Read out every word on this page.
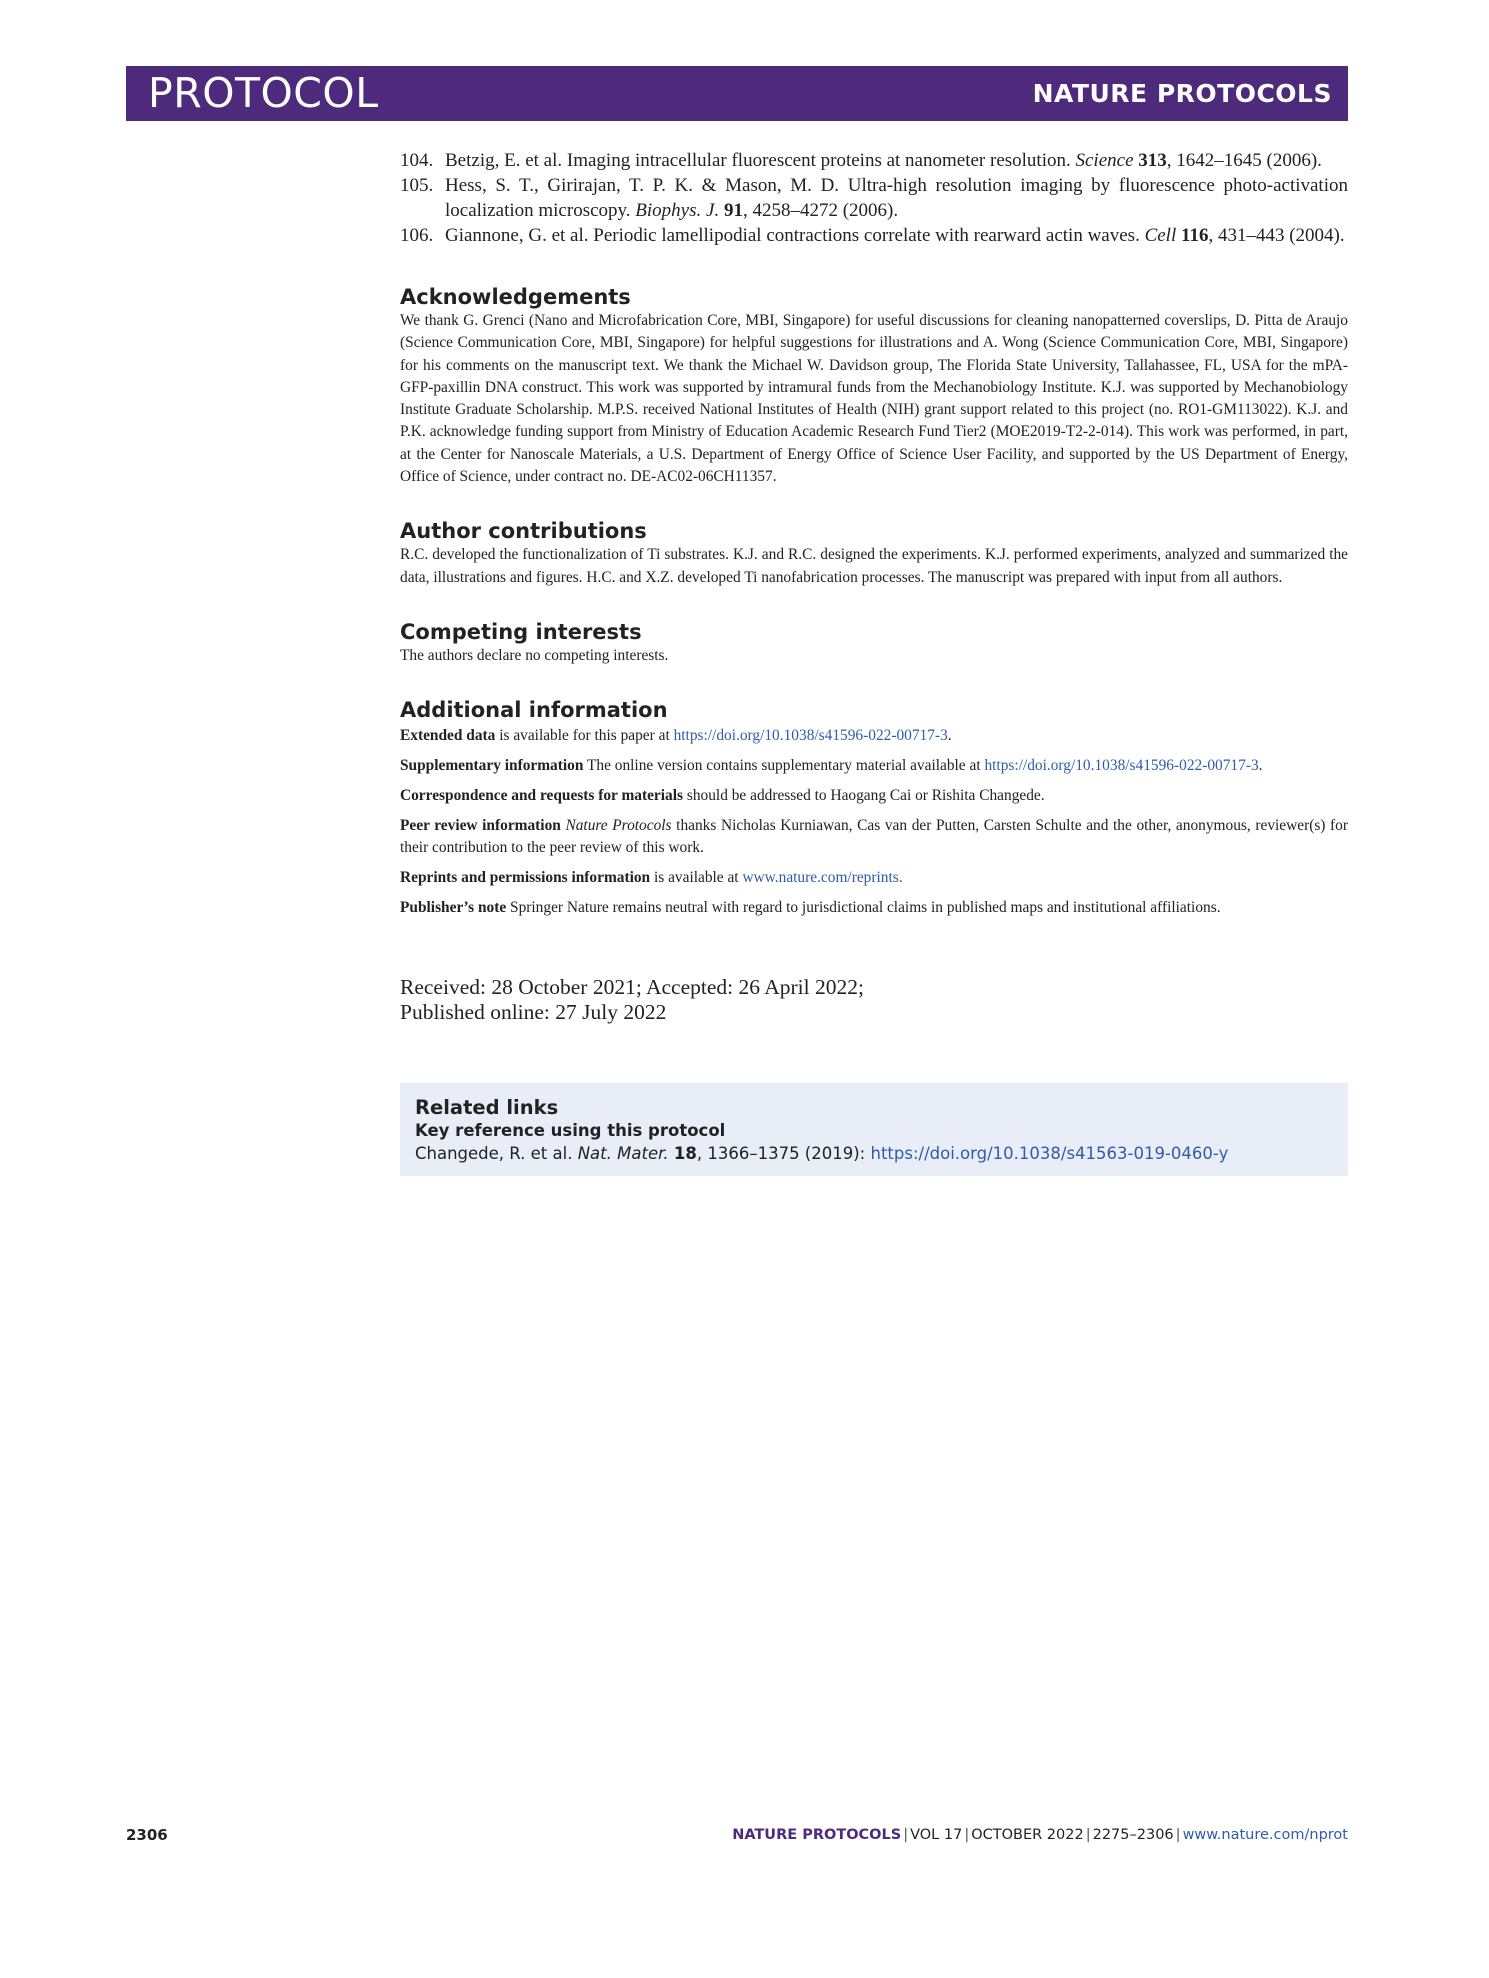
PROTOCOL	NATURE PROTOCOLS
104. Betzig, E. et al. Imaging intracellular fluorescent proteins at nanometer resolution. Science 313, 1642–1645 (2006).
105. Hess, S. T., Girirajan, T. P. K. & Mason, M. D. Ultra-high resolution imaging by fluorescence photo-activation localization microscopy. Biophys. J. 91, 4258–4272 (2006).
106. Giannone, G. et al. Periodic lamellipodial contractions correlate with rearward actin waves. Cell 116, 431–443 (2004).
Acknowledgements

We thank G. Grenci (Nano and Microfabrication Core, MBI, Singapore) for useful discussions for cleaning nanopatterned coverslips, D. Pitta de Araujo (Science Communication Core, MBI, Singapore) for helpful suggestions for illustrations and A. Wong (Science Communication Core, MBI, Singapore) for his comments on the manuscript text. We thank the Michael W. Davidson group, The Florida State University, Tallahassee, FL, USA for the mPA-GFP-paxillin DNA construct. This work was supported by intramural funds from the Mechanobiology Institute. K.J. was supported by Mechanobiology Institute Graduate Scholarship. M.P.S. received National Institutes of Health (NIH) grant support related to this project (no. RO1-GM113022). K.J. and P.K. acknowledge funding support from Ministry of Education Academic Research Fund Tier2 (MOE2019-T2-2-014). This work was performed, in part, at the Center for Nanoscale Materials, a U.S. Department of Energy Office of Science User Facility, and supported by the US Department of Energy, Office of Science, under contract no. DE-AC02-06CH11357.

Author contributions

R.C. developed the functionalization of Ti substrates. K.J. and R.C. designed the experiments. K.J. performed experiments, analyzed and summarized the data, illustrations and figures. H.C. and X.Z. developed Ti nanofabrication processes. The manuscript was prepared with input from all authors.

Competing interests

The authors declare no competing interests.

Additional information

Extended data is available for this paper at https://doi.org/10.1038/s41596-022-00717-3.

Supplementary information The online version contains supplementary material available at https://doi.org/10.1038/s41596-022-00717-3.

Correspondence and requests for materials should be addressed to Haogang Cai or Rishita Changede.

Peer review information Nature Protocols thanks Nicholas Kurniawan, Cas van der Putten, Carsten Schulte and the other, anonymous, reviewer(s) for their contribution to the peer review of this work.

Reprints and permissions information is available at www.nature.com/reprints.

Publisher’s note Springer Nature remains neutral with regard to jurisdictional claims in published maps and institutional affiliations.

Received: 28 October 2021; Accepted: 26 April 2022;
Published online: 27 July 2022
Related links
Key reference using this protocol
Changede, R. et al. Nat. Mater. 18, 1366–1375 (2019): https://doi.org/10.1038/s41563-019-0460-y
2306	NATURE PROTOCOLS | VOL 17 | OCTOBER 2022 | 2275–2306 | www.nature.com/nprot
